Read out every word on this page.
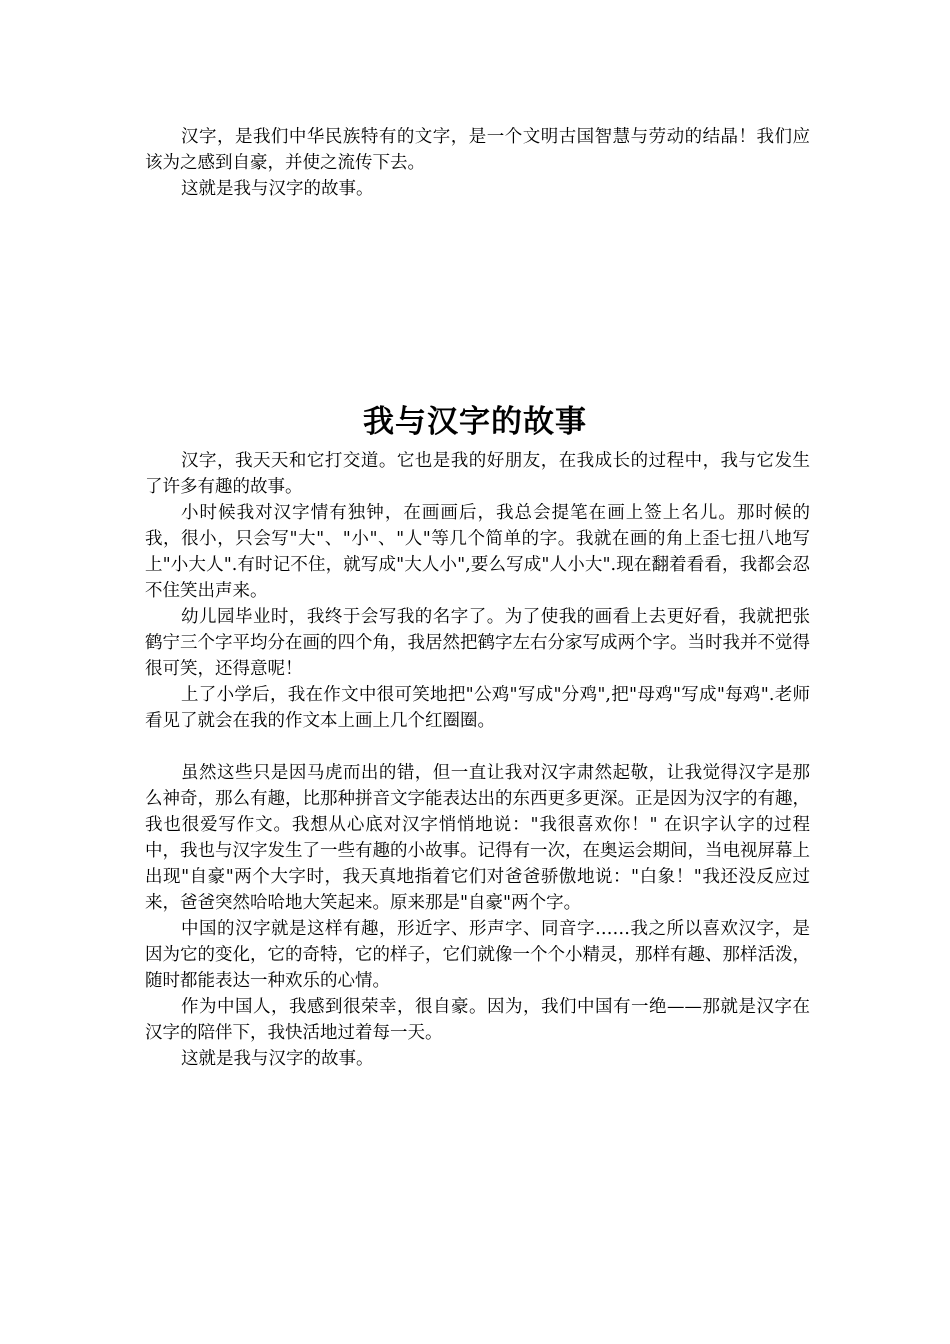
汉字，是我们中华民族特有的文字，是一个文明古国智慧与劳动的结晶！我们应该为之感到自豪，并使之流传下去。

这就是我与汉字的故事。

我与汉字的故事

汉字，我天天和它打交道。它也是我的好朋友，在我成长的过程中，我与它发生了许多有趣的故事。

小时候我对汉字情有独钟，在画画后，我总会提笔在画上签上名儿。那时候的我，很小，只会写"大"、"小"、"人"等几个简单的字。我就在画的角上歪七扭八地写上"小大人".有时记不住，就写成"大人小",要么写成"人小大".现在翻着看看，我都会忍不住笑出声来。

幼儿园毕业时，我终于会写我的名字了。为了使我的画看上去更好看，我就把张鹤宁三个字平均分在画的四个角，我居然把鹤字左右分家写成两个字。当时我并不觉得很可笑，还得意呢！

上了小学后，我在作文中很可笑地把"公鸡"写成"分鸡",把"母鸡"写成"每鸡".老师看见了就会在我的作文本上画上几个红圈圈。

虽然这些只是因马虎而出的错，但一直让我对汉字肃然起敬，让我觉得汉字是那么神奇，那么有趣，比那种拼音文字能表达出的东西更多更深。正是因为汉字的有趣，我也很爱写作文。我想从心底对汉字悄悄地说："我很喜欢你！" 在识字认字的过程中，我也与汉字发生了一些有趣的小故事。记得有一次，在奥运会期间，当电视屏幕上出现"自豪"两个大字时，我天真地指着它们对爸爸骄傲地说："白象！"我还没反应过来，爸爸突然哈哈地大笑起来。原来那是"自豪"两个字。

中国的汉字就是这样有趣，形近字、形声字、同音字……我之所以喜欢汉字，是因为它的变化，它的奇特，它的样子，它们就像一个个小精灵，那样有趣、那样活泼，随时都能表达一种欢乐的心情。

作为中国人，我感到很荣幸，很自豪。因为，我们中国有一绝——那就是汉字在汉字的陪伴下，我快活地过着每一天。

这就是我与汉字的故事。
